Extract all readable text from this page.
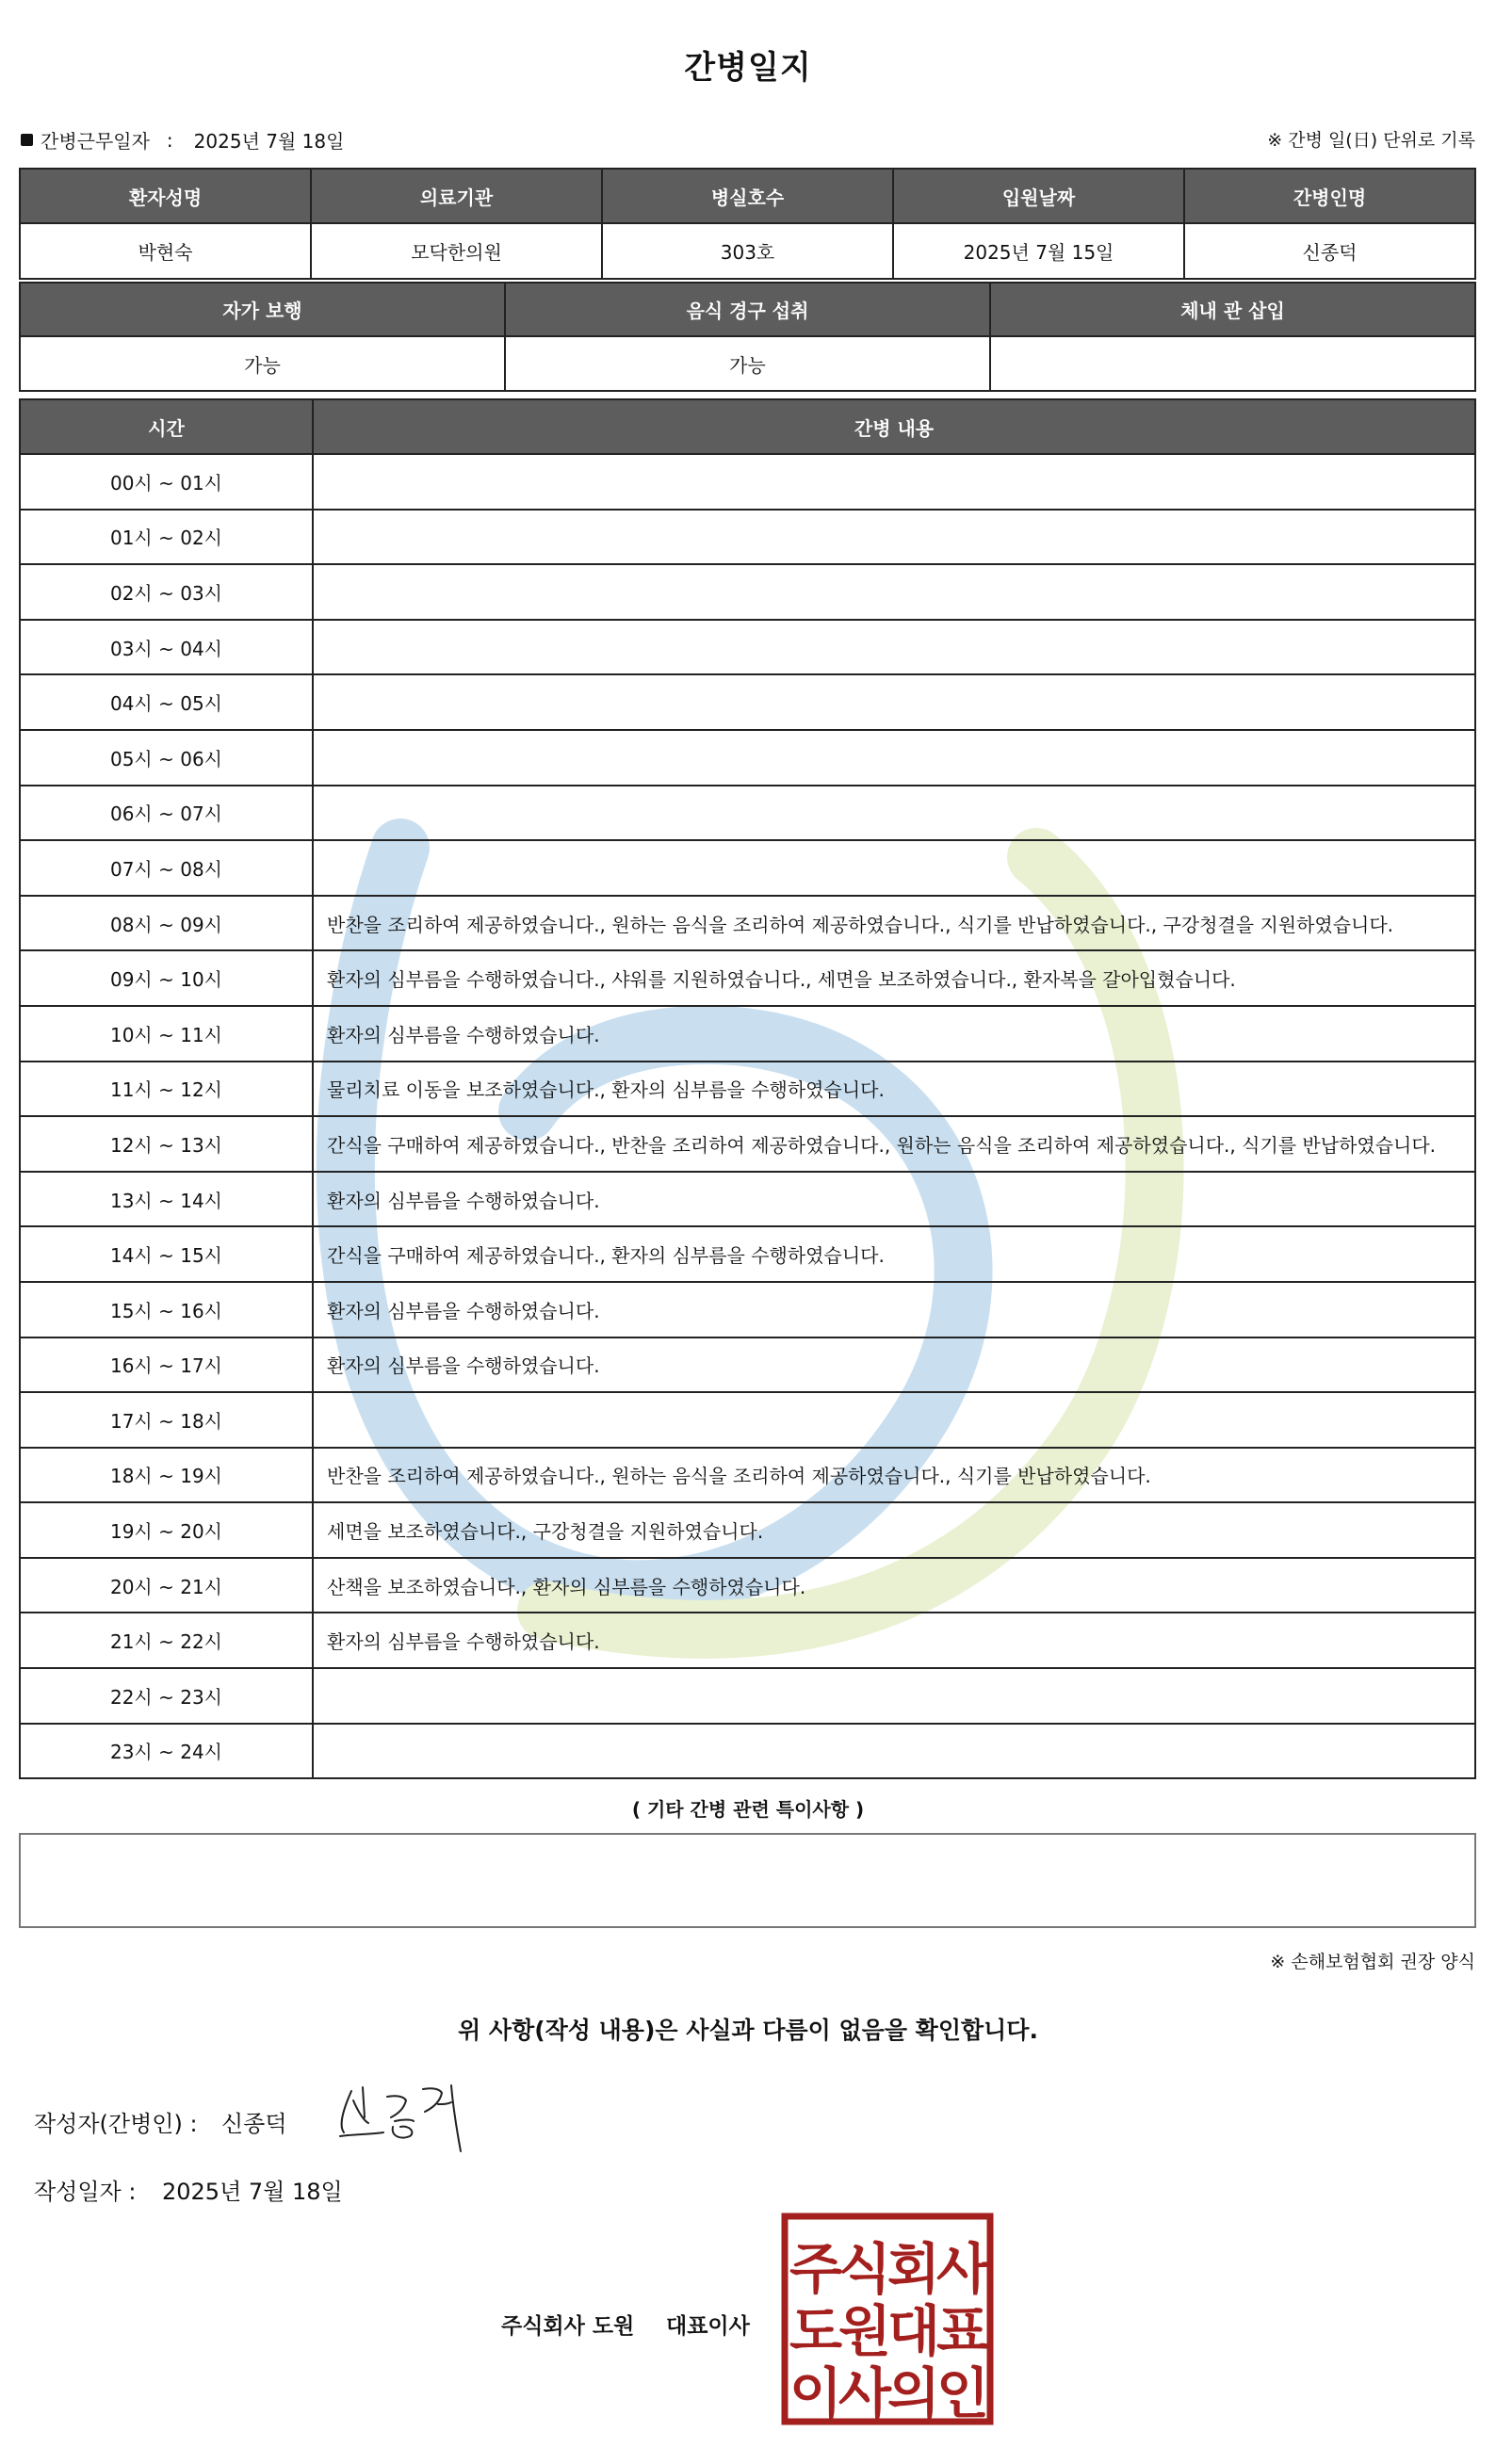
간병일지
간병근무일자 : 2025년 7월 18일	※ 간병 일(日) 단위로 기록
환자성명	의료기관	병실호수	입원날짜	간병인명
박현숙	모닥한의원	303호	2025년 7월 15일	신종덕
자가 보행	음식 경구 섭취	체내 관 삽입
가능	가능	
시간	간병 내용
00시 ~ 01시	
01시 ~ 02시	
02시 ~ 03시	
03시 ~ 04시	
04시 ~ 05시	
05시 ~ 06시	
06시 ~ 07시	
07시 ~ 08시	
08시 ~ 09시	반찬을 조리하여 제공하였습니다., 원하는 음식을 조리하여 제공하였습니다., 식기를 반납하였습니다., 구강청결을 지원하였습니다.
09시 ~ 10시	환자의 심부름을 수행하였습니다., 샤워를 지원하였습니다., 세면을 보조하였습니다., 환자복을 갈아입혔습니다.
10시 ~ 11시	환자의 심부름을 수행하였습니다.
11시 ~ 12시	물리치료 이동을 보조하였습니다., 환자의 심부름을 수행하였습니다.
12시 ~ 13시	간식을 구매하여 제공하였습니다., 반찬을 조리하여 제공하였습니다., 원하는 음식을 조리하여 제공하였습니다., 식기를 반납하였습니다.
13시 ~ 14시	환자의 심부름을 수행하였습니다.
14시 ~ 15시	간식을 구매하여 제공하였습니다., 환자의 심부름을 수행하였습니다.
15시 ~ 16시	환자의 심부름을 수행하였습니다.
16시 ~ 17시	환자의 심부름을 수행하였습니다.
17시 ~ 18시	
18시 ~ 19시	반찬을 조리하여 제공하였습니다., 원하는 음식을 조리하여 제공하였습니다., 식기를 반납하였습니다.
19시 ~ 20시	세면을 보조하였습니다., 구강청결을 지원하였습니다.
20시 ~ 21시	산책을 보조하였습니다., 환자의 심부름을 수행하였습니다.
21시 ~ 22시	환자의 심부름을 수행하였습니다.
22시 ~ 23시	
23시 ~ 24시	
( 기타 간병 관련 특이사항 )
※ 손해보험협회 권장 양식
위 사항(작성 내용)은 사실과 다름이 없음을 확인합니다.
작성자(간병인) : 신종덕
작성일자 : 2025년 7월 18일
주식회사 도원 대표이사
주식회사
도원대표
이사의인
